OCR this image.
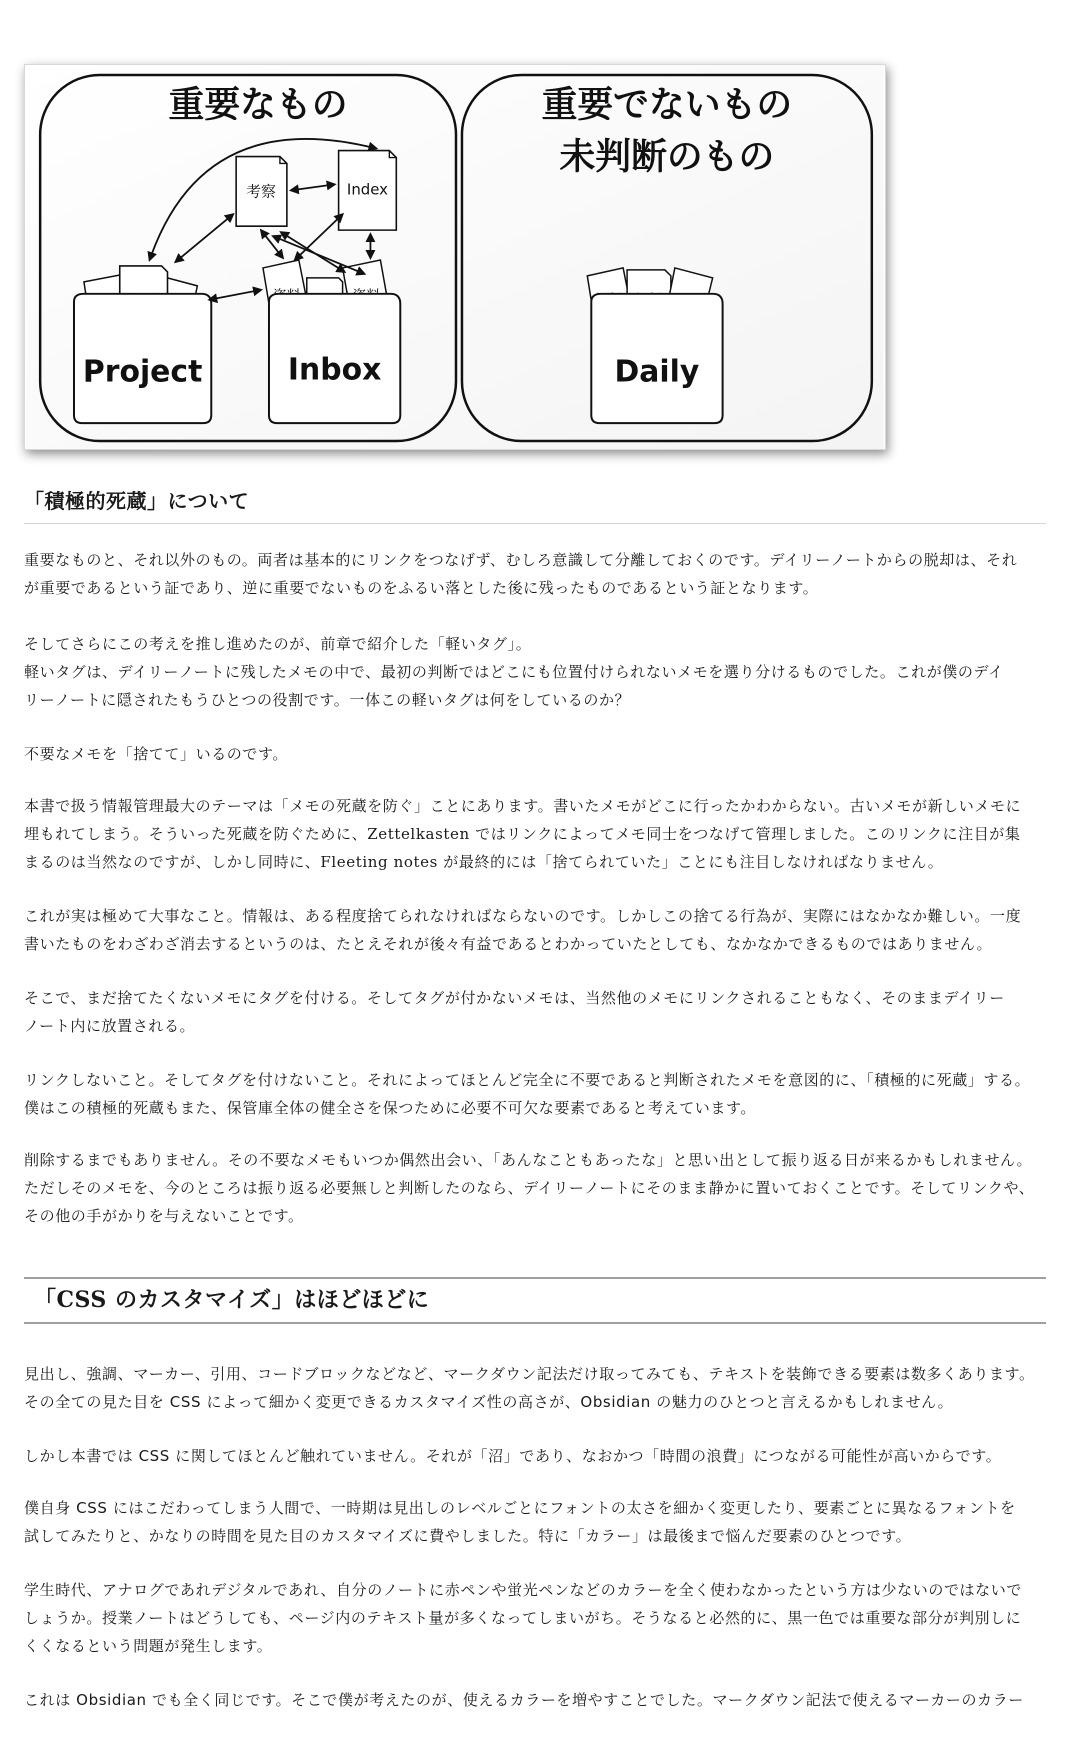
重要なもの	重要でないもの
未判断のもの
考察	Index
Project	Inbox	Daily
「積極的死蔵」について

重要なものと、それ以外のもの。両者は基本的にリンクをつなげず、むしろ意識して分離しておくのです。デイリーノートからの脱却は、それ
が重要であるという証であり、逆に重要でないものをふるい落とした後に残ったものであるという証となります。

そしてさらにこの考えを推し進めたのが、前章で紹介した「軽いタグ」。
軽いタグは、デイリーノートに残したメモの中で、最初の判断ではどこにも位置付けられないメモを選り分けるものでした。これが僕のデイ
リーノートに隠されたもうひとつの役割です。一体この軽いタグは何をしているのか？

不要なメモを「捨てて」いるのです。

本書で扱う情報管理最大のテーマは「メモの死蔵を防ぐ」ことにあります。書いたメモがどこに行ったかわからない。古いメモが新しいメモに
埋もれてしまう。そういった死蔵を防ぐために、Zettelkasten ではリンクによってメモ同士をつなげて管理しました。このリンクに注目が集
まるのは当然なのですが、しかし同時に、Fleeting notes が最終的には「捨てられていた」ことにも注目しなければなりません。

これが実は極めて大事なこと。情報は、ある程度捨てられなければならないのです。しかしこの捨てる行為が、実際にはなかなか難しい。一度
書いたものをわざわざ消去するというのは、たとえそれが後々有益であるとわかっていたとしても、なかなかできるものではありません。

そこで、まだ捨てたくないメモにタグを付ける。そしてタグが付かないメモは、当然他のメモにリンクされることもなく、そのままデイリー
ノート内に放置される。

リンクしないこと。そしてタグを付けないこと。それによってほとんど完全に不要であると判断されたメモを意図的に、「積極的に死蔵」する。
僕はこの積極的死蔵もまた、保管庫全体の健全さを保つために必要不可欠な要素であると考えています。

削除するまでもありません。その不要なメモもいつか偶然出会い、「あんなこともあったな」と思い出として振り返る日が来るかもしれません。
ただしそのメモを、今のところは振り返る必要無しと判断したのなら、デイリーノートにそのまま静かに置いておくことです。そしてリンクや、
その他の手がかりを与えないことです。

「CSS のカスタマイズ」はほどほどに

見出し、強調、マーカー、引用、コードブロックなどなど、マークダウン記法だけ取ってみても、テキストを装飾できる要素は数多くあります。
その全ての見た目を CSS によって細かく変更できるカスタマイズ性の高さが、Obsidian の魅力のひとつと言えるかもしれません。

しかし本書では CSS に関してほとんど触れていません。それが「沼」であり、なおかつ「時間の浪費」につながる可能性が高いからです。

僕自身 CSS にはこだわってしまう人間で、一時期は見出しのレベルごとにフォントの太さを細かく変更したり、要素ごとに異なるフォントを
試してみたりと、かなりの時間を見た目のカスタマイズに費やしました。特に「カラー」は最後まで悩んだ要素のひとつです。

学生時代、アナログであれデジタルであれ、自分のノートに赤ペンや蛍光ペンなどのカラーを全く使わなかったという方は少ないのではないで
しょうか。授業ノートはどうしても、ページ内のテキスト量が多くなってしまいがち。そうなると必然的に、黒一色では重要な部分が判別しに
くくなるという問題が発生します。

これは Obsidian でも全く同じです。そこで僕が考えたのが、使えるカラーを増やすことでした。マークダウン記法で使えるマーカーのカラー
